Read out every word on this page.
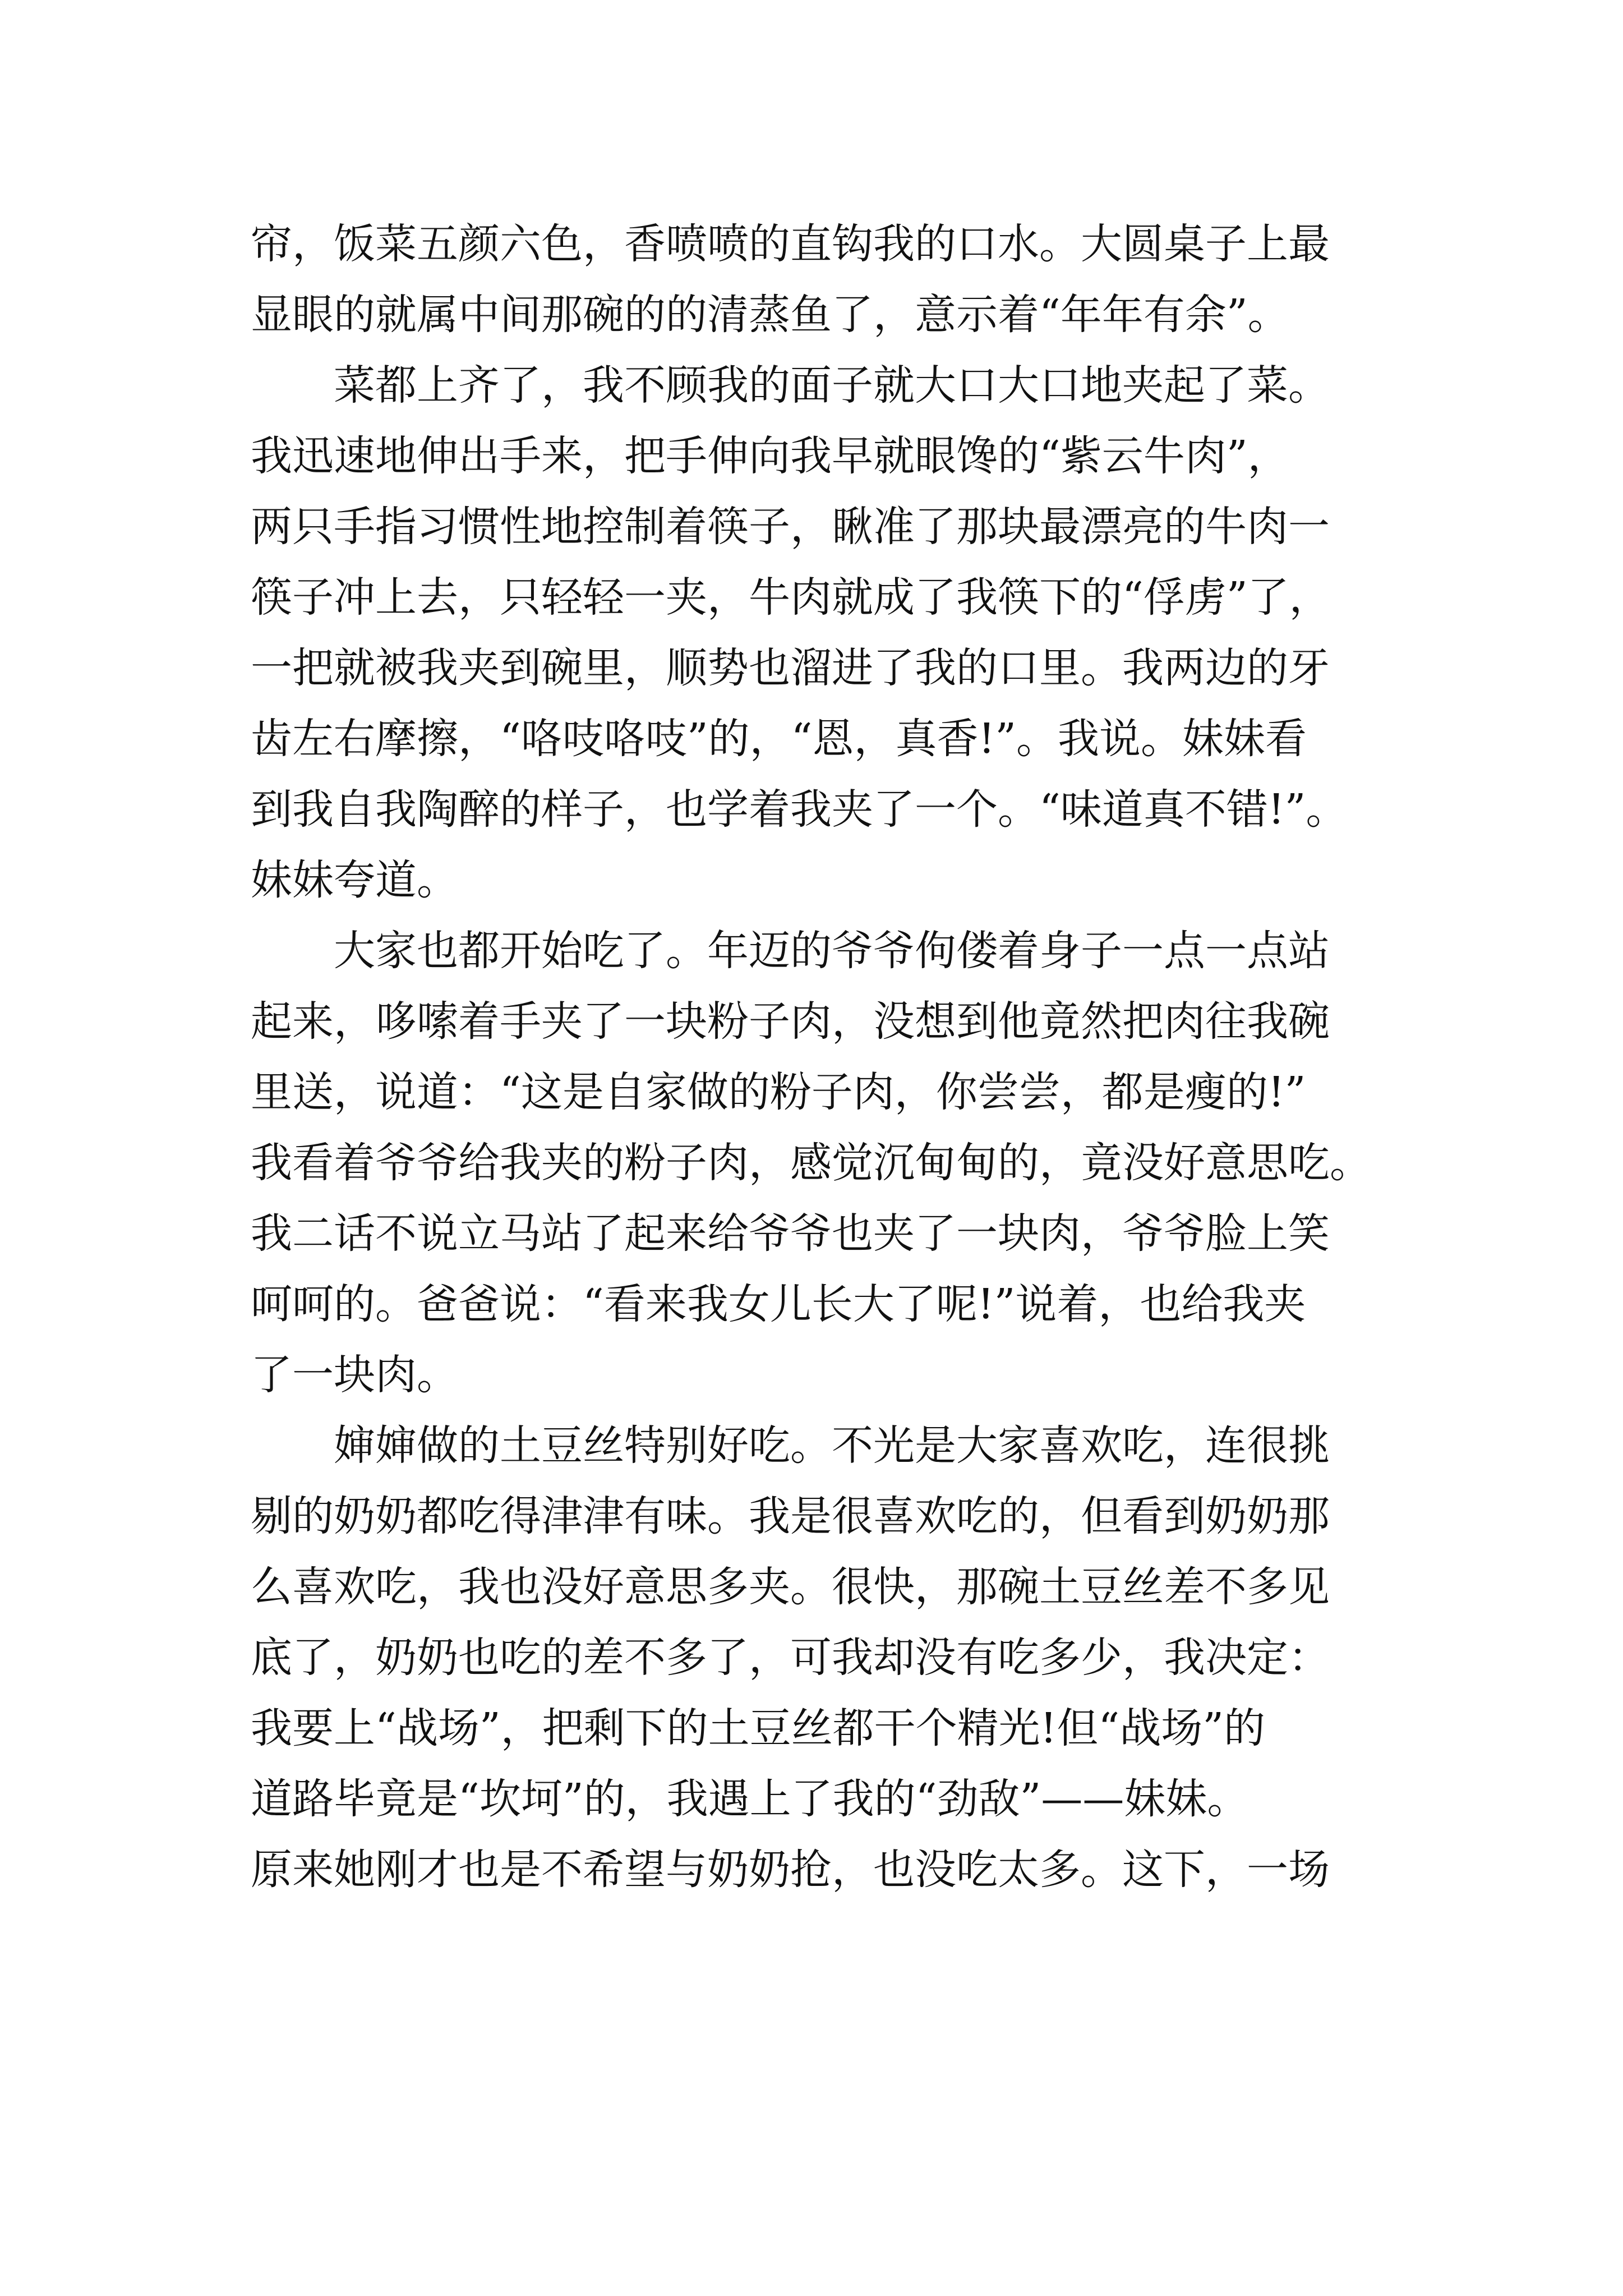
帘，饭菜五颜六色，香喷喷的直钩我的口水。大圆桌子上最
显眼的就属中间那碗的的清蒸鱼了，意示着“年年有余”。
菜都上齐了，我不顾我的面子就大口大口地夹起了菜。
我迅速地伸出手来，把手伸向我早就眼馋的“紫云牛肉”，
两只手指习惯性地控制着筷子，瞅准了那块最漂亮的牛肉一
筷子冲上去，只轻轻一夹，牛肉就成了我筷下的“俘虏”了，
一把就被我夹到碗里，顺势也溜进了我的口里。我两边的牙
齿左右摩擦，“咯吱咯吱”的，“恩，真香!”。我说。妹妹看
到我自我陶醉的样子，也学着我夹了一个。“味道真不错!”。
妹妹夸道。
大家也都开始吃了。年迈的爷爷佝偻着身子一点一点站
起来，哆嗦着手夹了一块粉子肉，没想到他竟然把肉往我碗
里送，说道：“这是自家做的粉子肉，你尝尝，都是瘦的!”
我看着爷爷给我夹的粉子肉，感觉沉甸甸的，竟没好意思吃。
我二话不说立马站了起来给爷爷也夹了一块肉，爷爷脸上笑
呵呵的。爸爸说：“看来我女儿长大了呢!”说着，也给我夹
了一块肉。
婶婶做的土豆丝特别好吃。不光是大家喜欢吃，连很挑
剔的奶奶都吃得津津有味。我是很喜欢吃的，但看到奶奶那
么喜欢吃，我也没好意思多夹。很快，那碗土豆丝差不多见
底了，奶奶也吃的差不多了，可我却没有吃多少，我决定：
我要上“战场”，把剩下的土豆丝都干个精光!但“战场”的
道路毕竟是“坎坷”的，我遇上了我的“劲敌”——妹妹。
原来她刚才也是不希望与奶奶抢，也没吃太多。这下，一场
